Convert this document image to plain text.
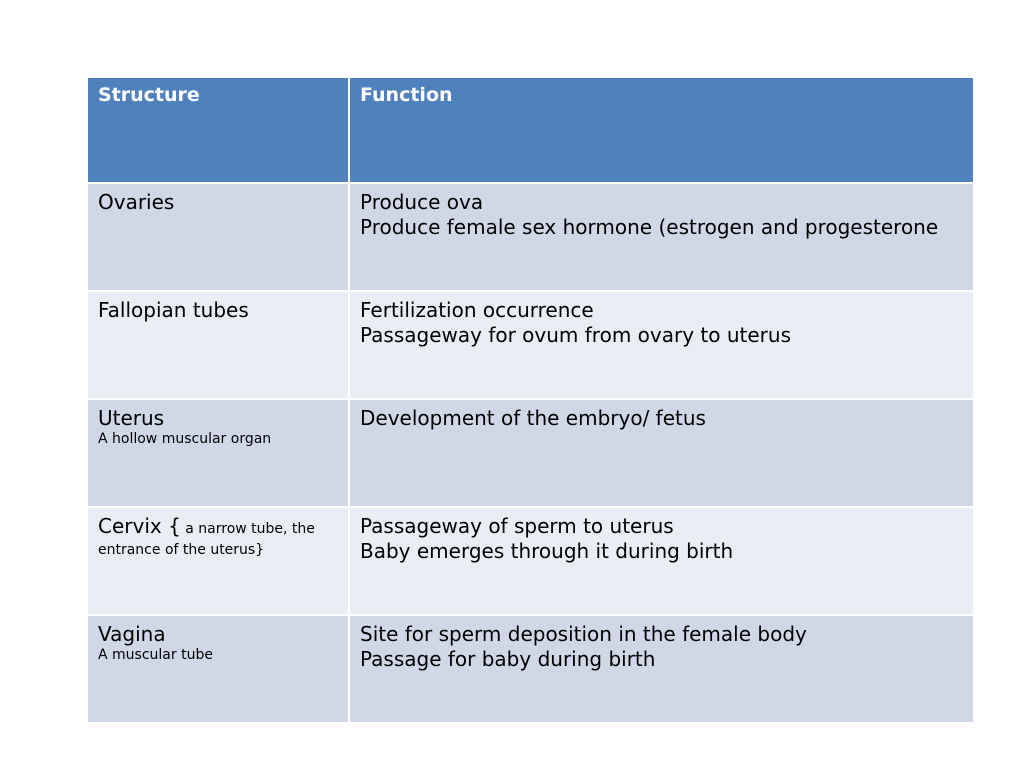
Structure	Function

Ovaries	Produce ova
Produce female sex hormone (estrogen and progesterone

Fallopian tubes	Fertilization occurrence
Passageway for ovum from ovary to uterus

Uterus
A hollow muscular organ	Development of the embryo/ fetus

Cervix { a narrow tube, the
entrance of the uterus}	Passageway of sperm to uterus
Baby emerges through it during birth

Vagina
A muscular tube	Site for sperm deposition in the female body
Passage for baby during birth
